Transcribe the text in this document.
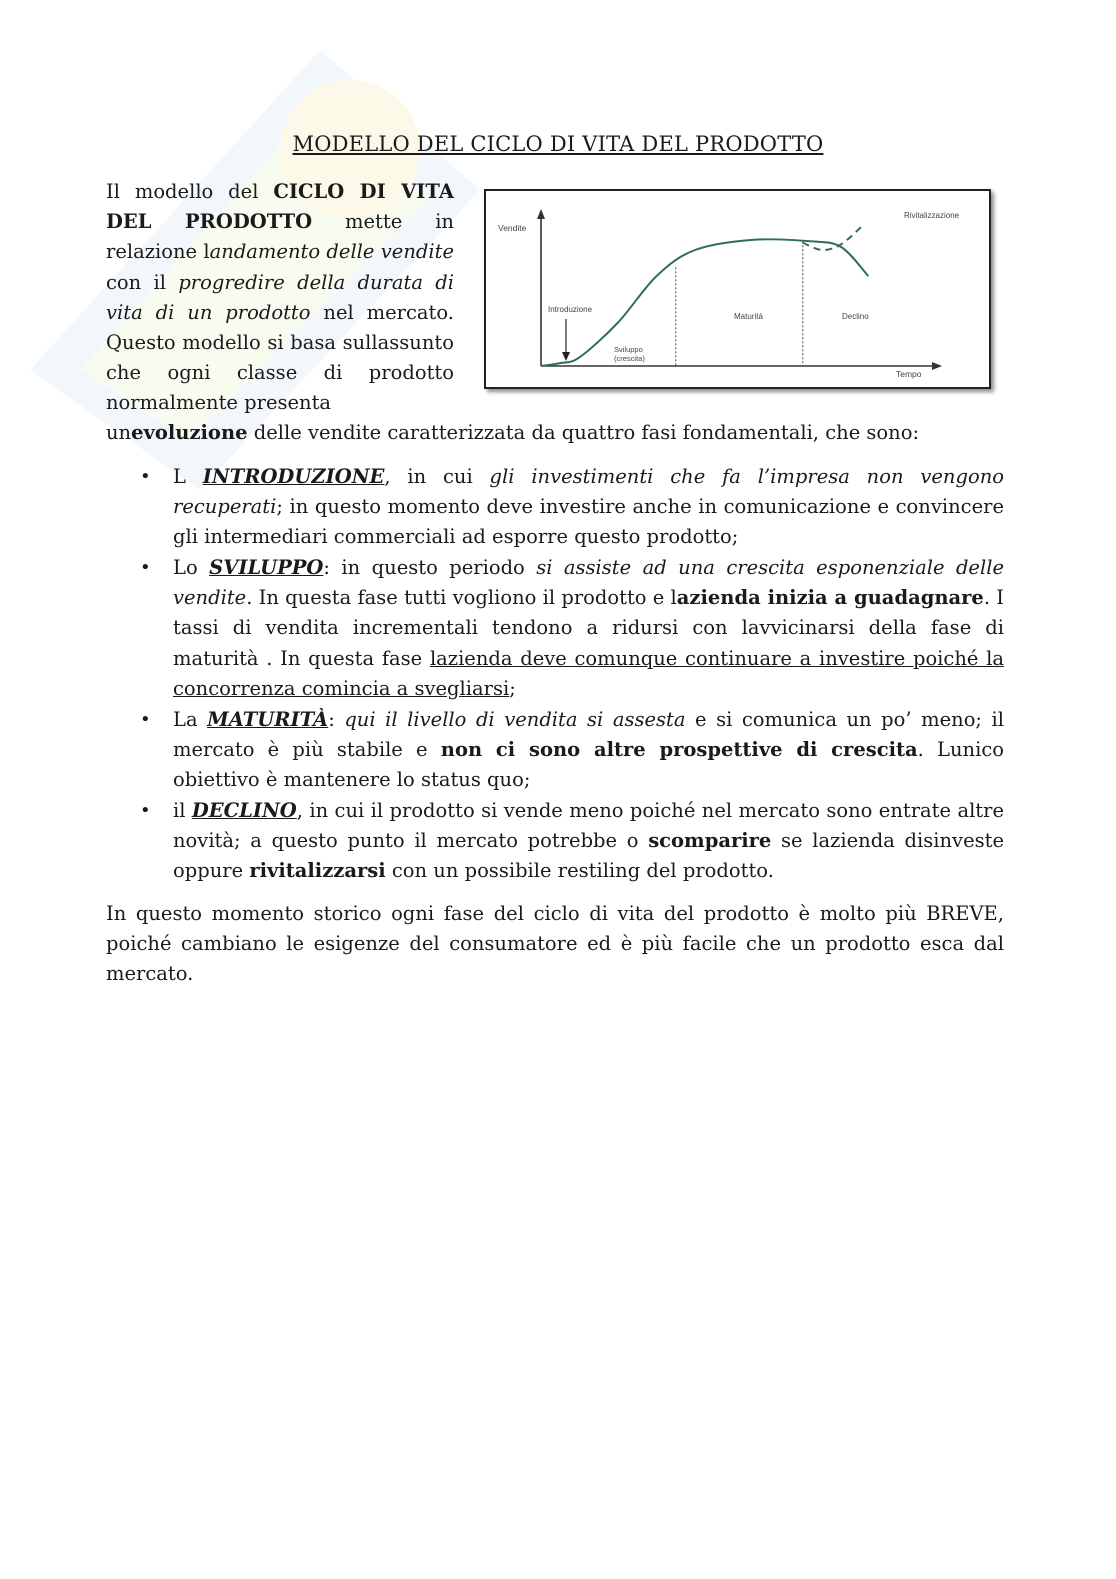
MODELLO DEL CICLO DI VITA DEL PRODOTTO
Il modello del CICLO DI VITA DEL PRODOTTO mette in relazione landamento delle vendite con il progredire della durata di vita di un prodotto nel mercato. Questo modello si basa sullassunto che ogni classe di prodotto normalmente presenta
unevoluzione delle vendite caratterizzata da quattro fasi fondamentali, che sono:
Vendite
Tempo
Introduzione
Sviluppo
(crescita)
Maturità	Declino
Rivitalizzazione
• L INTRODUZIONE, in cui gli investimenti che fa l’impresa non vengono recuperati; in questo momento deve investire anche in comunicazione e convincere gli intermediari commerciali ad esporre questo prodotto;
• Lo SVILUPPO: in questo periodo si assiste ad una crescita esponenziale delle vendite. In questa fase tutti vogliono il prodotto e lazienda inizia a guadagnare. I tassi di vendita incrementali tendono a ridursi con lavvicinarsi della fase di maturità . In questa fase lazienda deve comunque continuare a investire poiché la concorrenza comincia a svegliarsi;
• La MATURITÀ: qui il livello di vendita si assesta e si comunica un po’ meno; il mercato è più stabile e non ci sono altre prospettive di crescita. Lunico obiettivo è mantenere lo status quo;
• il DECLINO, in cui il prodotto si vende meno poiché nel mercato sono entrate altre novità; a questo punto il mercato potrebbe o scomparire se lazienda disinveste oppure rivitalizzarsi con un possibile restiling del prodotto.
In questo momento storico ogni fase del ciclo di vita del prodotto è molto più BREVE, poiché cambiano le esigenze del consumatore ed è più facile che un prodotto esca dal mercato.
